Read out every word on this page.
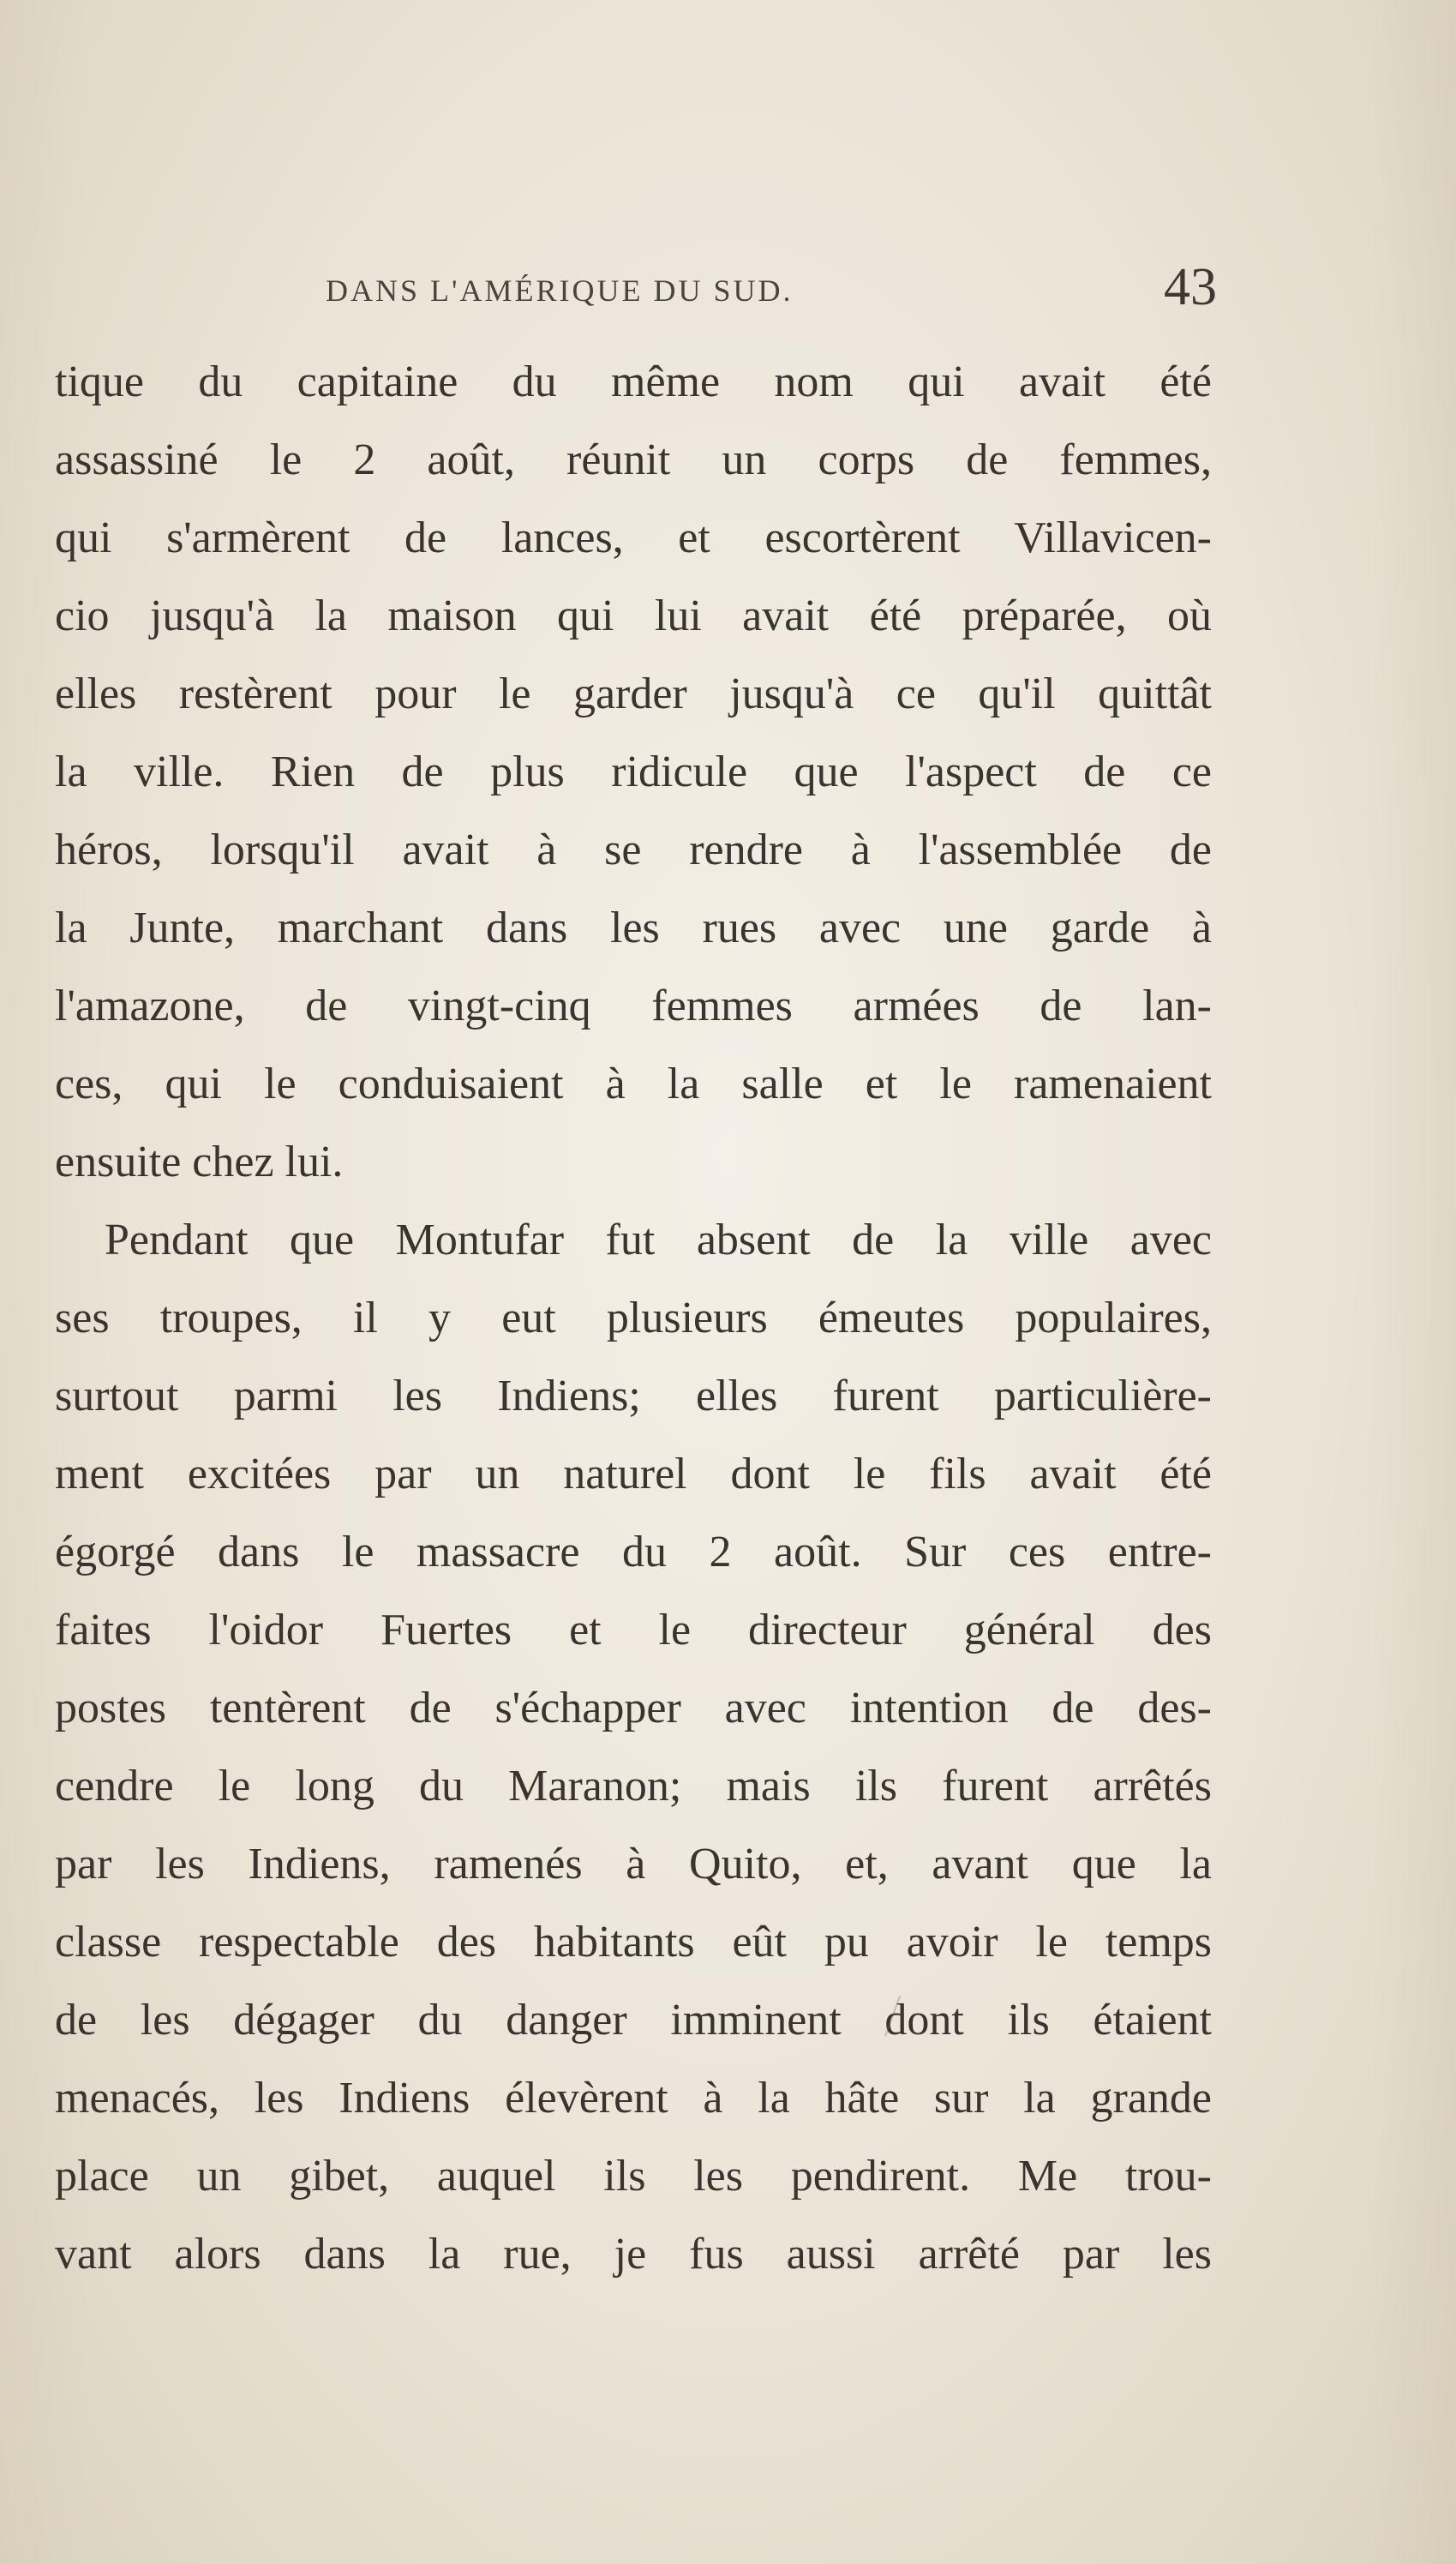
DANS L'AMÉRIQUE DU SUD.	43
tique du capitaine du même nom qui avait été
assassiné le 2 août, réunit un corps de femmes,
qui s'armèrent de lances, et escortèrent Villavicen-
cio jusqu'à la maison qui lui avait été préparée, où
elles restèrent pour le garder jusqu'à ce qu'il quittât
la ville. Rien de plus ridicule que l'aspect de ce
héros, lorsqu'il avait à se rendre à l'assemblée de
la Junte, marchant dans les rues avec une garde à
l'amazone, de vingt-cinq femmes armées de lan-
ces, qui le conduisaient à la salle et le ramenaient
ensuite chez lui.
Pendant que Montufar fut absent de la ville avec
ses troupes, il y eut plusieurs émeutes populaires,
surtout parmi les Indiens; elles furent particulière-
ment excitées par un naturel dont le fils avait été
égorgé dans le massacre du 2 août. Sur ces entre-
faites l'oidor Fuertes et le directeur général des
postes tentèrent de s'échapper avec intention de des-
cendre le long du Maranon; mais ils furent arrêtés
par les Indiens, ramenés à Quito, et, avant que la
classe respectable des habitants eût pu avoir le temps
de les dégager du danger imminent dont ils étaient
menacés, les Indiens élevèrent à la hâte sur la grande
place un gibet, auquel ils les pendirent. Me trou-
vant alors dans la rue, je fus aussi arrêté par les
